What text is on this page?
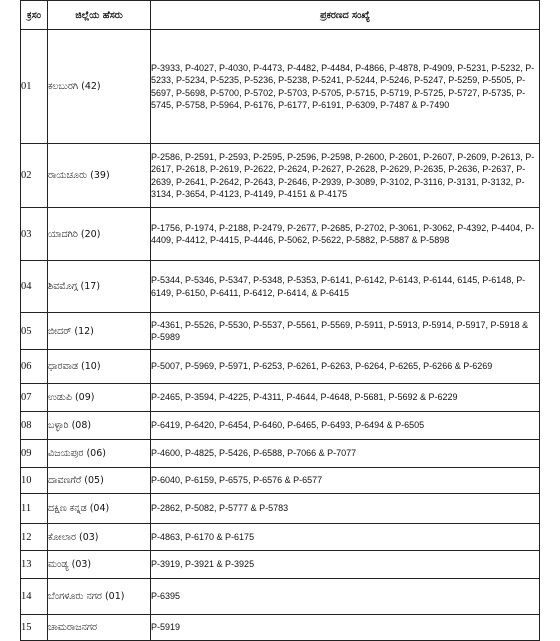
ಕ್ರಸಂ	ಜಿಲ್ಲೆಯ ಹೆಸರು	ಪ್ರಕರಣದ ಸಂಖ್ಯೆ
01	ಕಲಬುರಗಿ (42)	P-3933, P-4027, P-4030, P-4473, P-4482, P-4484, P-4866, P-4878, P-4909, P-5231, P-5232, P-5233, P-5234, P-5235, P-5236, P-5238, P-5241, P-5244, P-5246, P-5247, P-5259, P-5505, P-5697, P-5698, P-5700, P-5702, P-5703, P-5705, P-5715, P-5719, P-5725, P-5727, P-5735, P-5745, P-5758, P-5964, P-6176, P-6177, P-6191, P-6309, P-7487 & P-7490
02	ರಾಯಚೂರು (39)	P-2586, P-2591, P-2593, P-2595, P-2596, P-2598, P-2600, P-2601, P-2607, P-2609, P-2613, P-2617, P-2618, P-2619, P-2622, P-2624, P-2627, P-2628, P-2629, P-2635, P-2636, P-2637, P-2639, P-2641, P-2642, P-2643, P-2646, P-2939, P-3089, P-3102, P-3116, P-3131, P-3132, P-3134, P-3654, P-4123, P-4149, P-4151 & P-4175
03	ಯಾದಗಿರಿ (20)	P-1756, P-1974, P-2188, P-2479, P-2677, P-2685, P-2702, P-3061, P-3062, P-4392, P-4404, P-4409, P-4412, P-4415, P-4446, P-5062, P-5622, P-5882, P-5887 & P-5898
04	ಶಿವಮೊಗ್ಗ (17)	P-5344, P-5346, P-5347, P-5348, P-5353, P-6141, P-6142, P-6143, P-6144, 6145, P-6148, P-6149, P-6150, P-6411, P-6412, P-6414, & P-6415
05	ಬೀದರ್ (12)	P-4361, P-5526, P-5530, P-5537, P-5561, P-5569, P-5911, P-5913, P-5914, P-5917, P-5918 & P-5989
06	ಧಾರವಾಡ (10)	P-5007, P-5969, P-5971, P-6253, P-6261, P-6263, P-6264, P-6265, P-6266 & P-6269
07	ಉಡುಪಿ (09)	P-2465, P-3594, P-4225, P-4311, P-4644, P-4648, P-5681, P-5692 & P-6229
08	ಬಳ್ಳಾರಿ (08)	P-6419, P-6420, P-6454, P-6460, P-6465, P-6493, P-6494 & P-6505
09	ವಿಜಯಪುರ (06)	P-4600, P-4825, P-5426, P-6588, P-7066 & P-7077
10	ದಾವಣಗೆರೆ (05)	P-6040, P-6159, P-6575, P-6576 & P-6577
11	ದಕ್ಷಿಣ ಕನ್ನಡ (04)	P-2862, P-5082, P-5777 & P-5783
12	ಕೋಲಾರ (03)	P-4863, P-6170 & P-6175
13	ಮಂಡ್ಯ (03)	P-3919, P-3921 & P-3925
14	ಬೆಂಗಳೂರು ನಗರ (01)	P-6395
15	ಚಾಮರಾಜನಗರ	P-5919
